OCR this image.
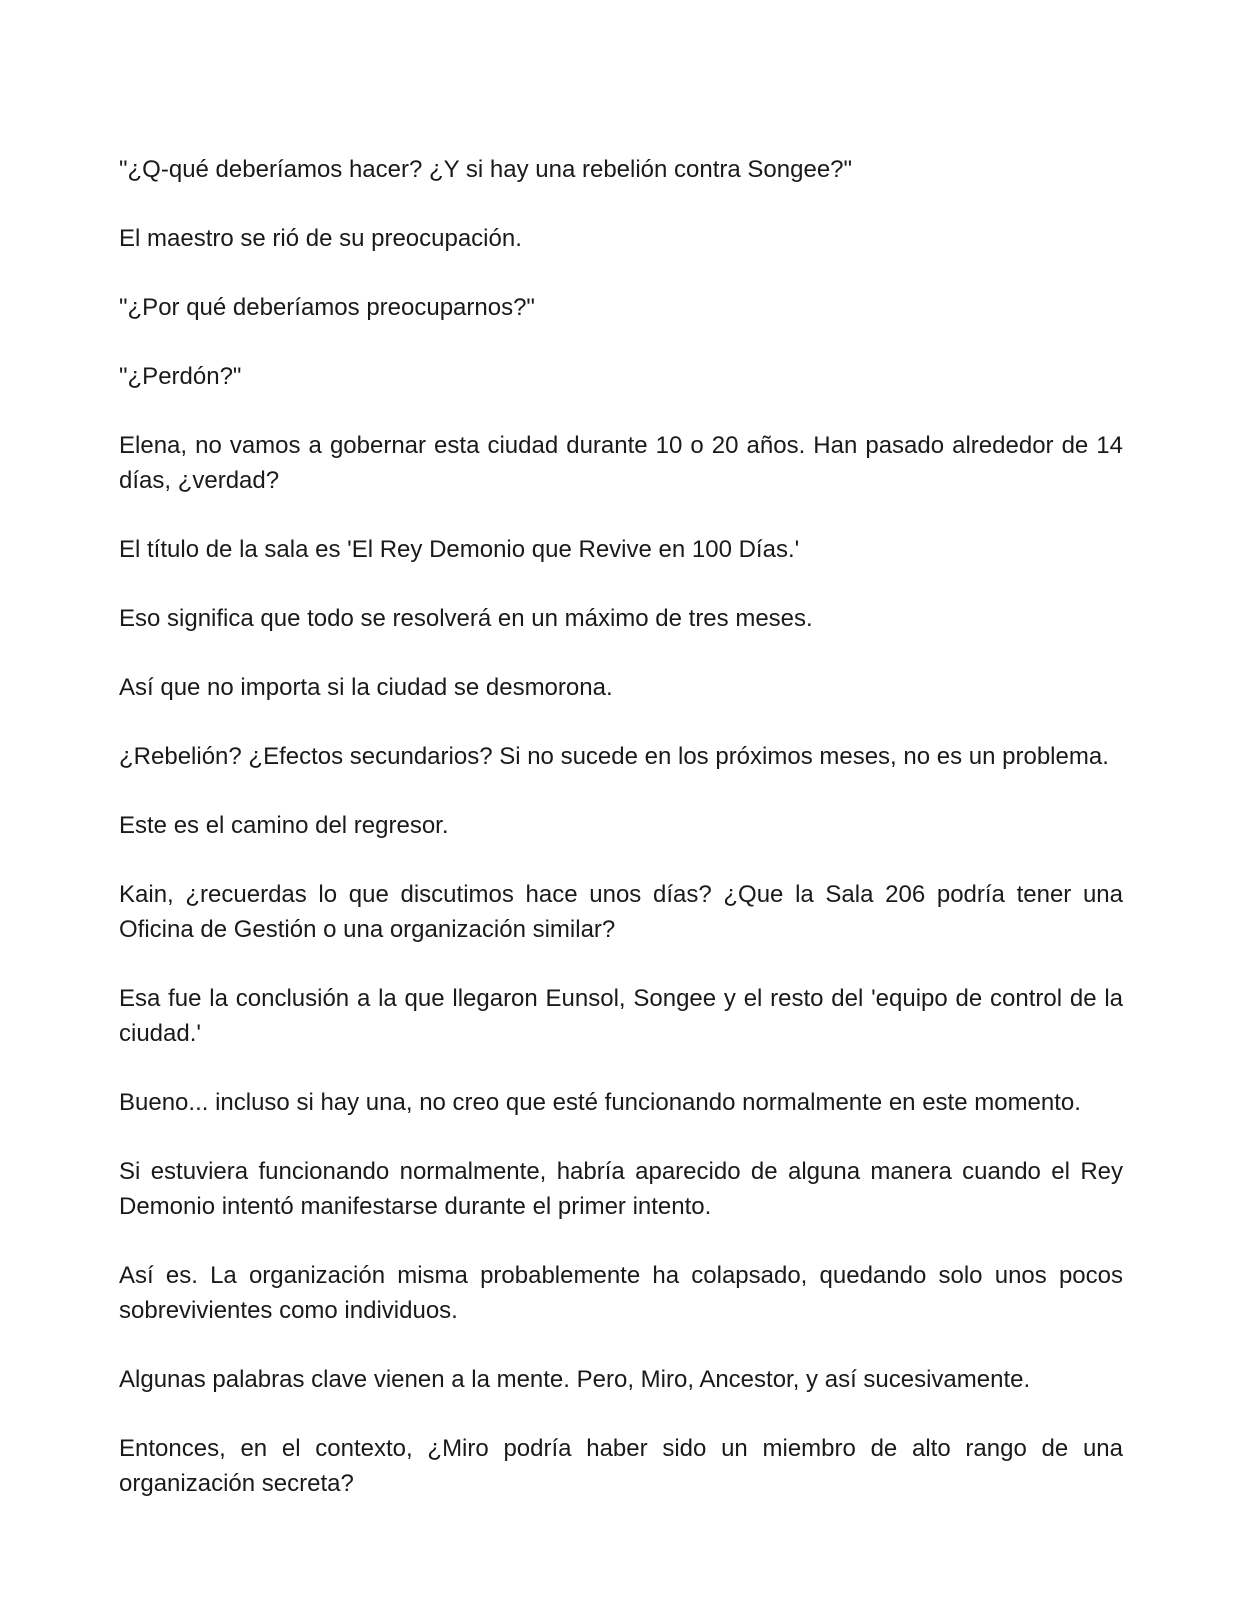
"¿Q-qué deberíamos hacer? ¿Y si hay una rebelión contra Songee?"

El maestro se rió de su preocupación.

"¿Por qué deberíamos preocuparnos?"

"¿Perdón?"

Elena, no vamos a gobernar esta ciudad durante 10 o 20 años. Han pasado alrededor de 14 días, ¿verdad?

El título de la sala es 'El Rey Demonio que Revive en 100 Días.'

Eso significa que todo se resolverá en un máximo de tres meses.

Así que no importa si la ciudad se desmorona.

¿Rebelión? ¿Efectos secundarios? Si no sucede en los próximos meses, no es un problema.

Este es el camino del regresor.

Kain, ¿recuerdas lo que discutimos hace unos días? ¿Que la Sala 206 podría tener una Oficina de Gestión o una organización similar?

Esa fue la conclusión a la que llegaron Eunsol, Songee y el resto del 'equipo de control de la ciudad.'

Bueno... incluso si hay una, no creo que esté funcionando normalmente en este momento.

Si estuviera funcionando normalmente, habría aparecido de alguna manera cuando el Rey Demonio intentó manifestarse durante el primer intento.

Así es. La organización misma probablemente ha colapsado, quedando solo unos pocos sobrevivientes como individuos.

Algunas palabras clave vienen a la mente. Pero, Miro, Ancestor, y así sucesivamente.

Entonces, en el contexto, ¿Miro podría haber sido un miembro de alto rango de una organización secreta?
